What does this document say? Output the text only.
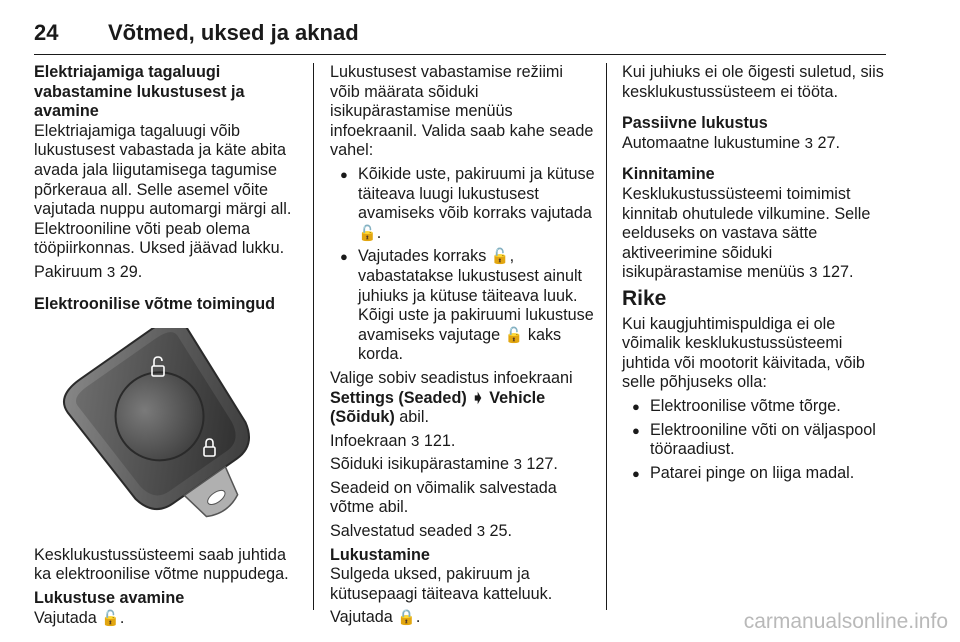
24 Võtmed, uksed ja aknad
Elektriajamiga tagaluugi vabastamine lukustusest ja avamine
Elektriajamiga tagaluugi võib lukustusest vabastada ja käte abita avada jala liigutamisega tagumise põrkeraua all. Selle asemel võite vajutada nuppu automargi märgi all. Elektrooniline võti peab olema tööpiirkonnas. Uksed jäävad lukku.
Pakiruum 3 29.
Elektroonilise võtme toimingud
Kesklukustussüsteemi saab juhtida ka elektroonilise võtme nuppudega.
Lukustuse avamine
Vajutada 🔓.
Lukustusest vabastamise režiimi võib määrata sõiduki isikupärastamise menüüs infoekraanil. Valida saab kahe seade vahel:
● Kõikide uste, pakiruumi ja kütuse täiteava luugi lukustusest avamiseks võib korraks vajutada 🔓.
● Vajutades korraks 🔓, vabastatakse lukustusest ainult juhiuks ja kütuse täiteava luuk. Kõigi uste ja pakiruumi lukustuse avamiseks vajutage 🔓 kaks korda.
Valige sobiv seadistus infoekraani Settings (Seaded) ➧ Vehicle (Sõiduk) abil.
Infoekraan 3 121.
Sõiduki isikupärastamine 3 127.
Seadeid on võimalik salvestada võtme abil.
Salvestatud seaded 3 25.
Lukustamine
Sulgeda uksed, pakiruum ja kütusepaagi täiteava katteluuk.
Vajutada 🔒.
Kui juhiuks ei ole õigesti suletud, siis kesklukustussüsteem ei tööta.
Passiivne lukustus
Automaatne lukustumine 3 27.
Kinnitamine
Kesklukustussüsteemi toimimist kinnitab ohutulede vilkumine. Selle eelduseks on vastava sätte aktiveerimine sõiduki isikupärastamise menüüs 3 127.
Rike
Kui kaugjuhtimispuldiga ei ole võimalik kesklukustussüsteemi juhtida või mootorit käivitada, võib selle põhjuseks olla:
● Elektroonilise võtme tõrge.
● Elektrooniline võti on väljaspool tööraadiust.
● Patarei pinge on liiga madal.
carmanualsonline.info
